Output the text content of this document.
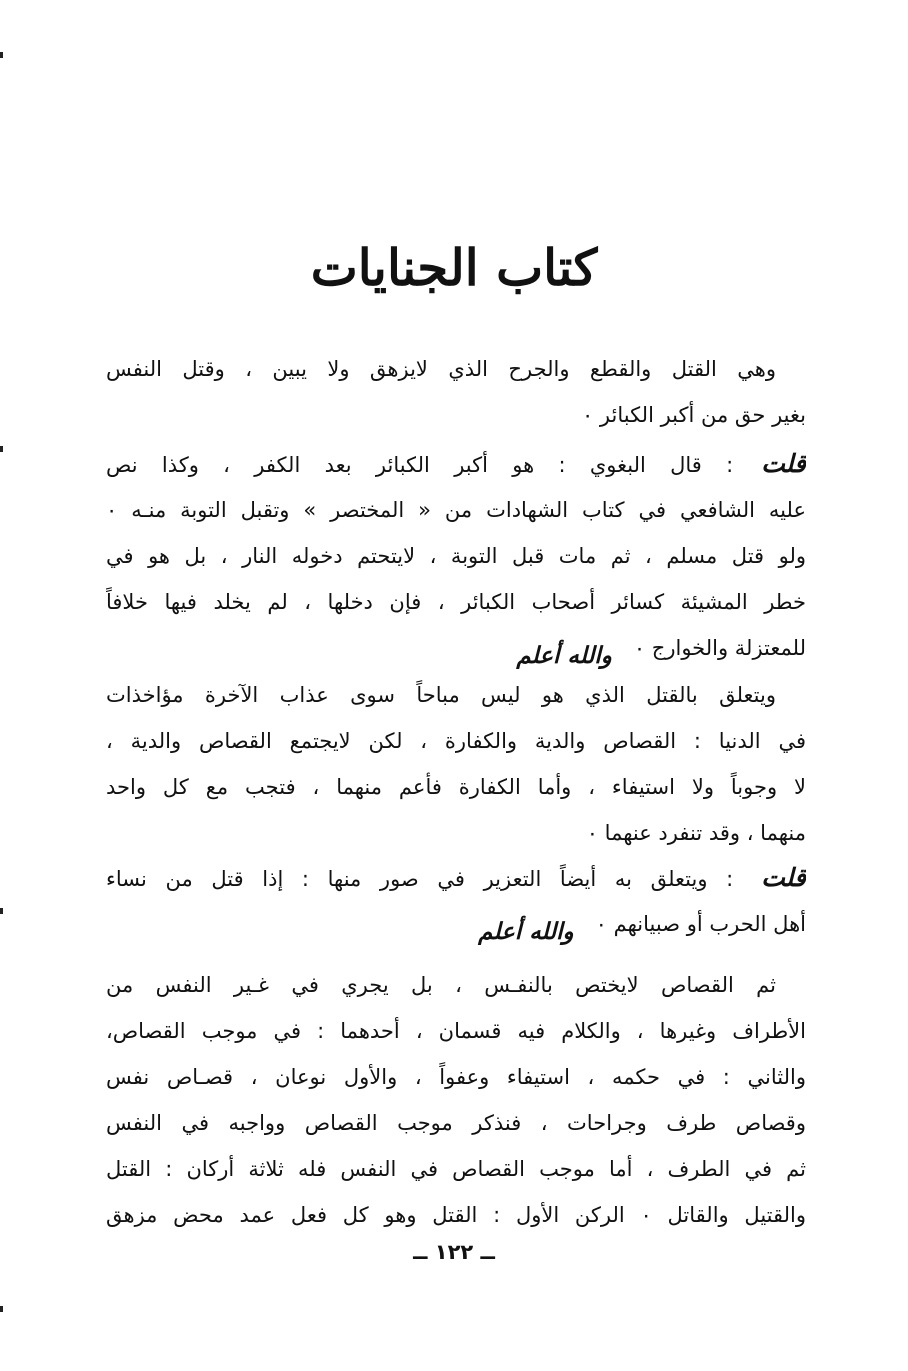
كتاب الجنايات
وهي القتل والقطع والجرح الذي لايزهق ولا يبين ، وقتل النفس
بغير حق من أكبر الكبائر ٠
قلت: قال البغوي : هو أكبر الكبائر بعد الكفر ، وكذا نص
عليه الشافعي في كتاب الشهادات من « المختصر » وتقبل التوبة منـه ٠
ولو قتل مسلم ، ثم مات قبل التوبة ، لايتحتم دخوله النار ، بل هو في
خطر المشيئة كسائر أصحاب الكبائر ، فإن دخلها ، لم يخلد فيها خلافاً
للمعتزلة والخوارج ٠والله أعلم
ويتعلق بالقتل الذي هو ليس مباحاً سوى عذاب الآخرة مؤاخذات
في الدنيا : القصاص والدية والكفارة ، لكن لايجتمع القصاص والدية ،
لا وجوباً ولا استيفاء ، وأما الكفارة فأعم منهما ، فتجب مع كل واحد
منهما ، وقد تنفرد عنهما ٠
قلت: ويتعلق به أيضاً التعزير في صور منها : إذا قتل من نساء
أهل الحرب أو صبيانهم ٠والله أعلم
ثم القصاص لايختص بالنفـس ، بل يجري في غـير النفس من
الأطراف وغيرها ، والكلام فيه قسمان ، أحدهما : في موجب القصاص،
والثاني : في حكمه ، استيفاء وعفواً ، والأول نوعان ، قصـاص نفس
وقصاص طرف وجراحات ، فنذكر موجب القصاص وواجبه في النفس
ثم في الطرف ، أما موجب القصاص في النفس فله ثلاثة أركان : القتل
والقتيل والقاتل ٠ الركن الأول : القتل وهو كل فعل عمد محض مزهق
ــ ١٢٢ ــ
